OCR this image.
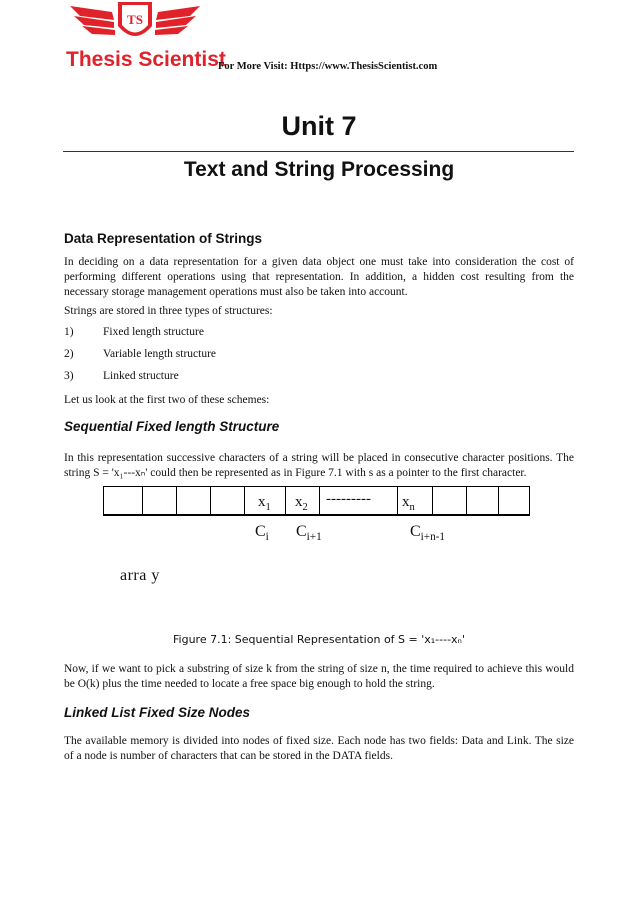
TS
Thesis Scientist
For More Visit: Https://www.ThesisScientist.com
Unit 7
Text and String Processing
Data Representation of Strings

In deciding on a data representation for a given data object one must take into consideration the cost of performing different operations using that representation. In addition, a hidden cost resulting from the necessary storage management operations must also be taken into account.

Strings are stored in three types of structures:

1)	Fixed length structure
2)	Variable length structure
3)	Linked structure

Let us look at the first two of these schemes:

Sequential Fixed length Structure

In this representation successive characters of a string will be placed in consecutive character positions. The string S = 'x₁---xₙ' could then be represented as in Figure 7.1 with s as a pointer to the first character.

$x_1$ $x_2$
--------- $x_n$
$C_i$ $C_{i+1}$	$C_{i+n-1}$
arra y
Figure 7.1: Sequential Representation of S = 'x₁----xₙ'

Now, if we want to pick a substring of size k from the string of size n, the time required to achieve this would be O(k) plus the time needed to locate a free space big enough to hold the string.

Linked List Fixed Size Nodes

The available memory is divided into nodes of fixed size. Each node has two fields: Data and Link. The size of a node is number of characters that can be stored in the DATA fields.
